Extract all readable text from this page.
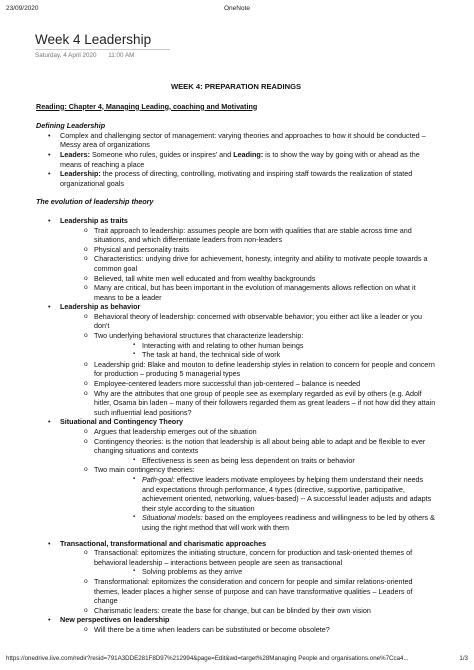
23/09/2020	OneNote
Week 4 Leadership
Saturday, 4 April 2020 11:00 AM

WEEK 4: PREPARATION READINGS

Reading: Chapter 4, Managing Leading, coaching and Motivating

Defining Leadership

• Complex and challenging sector of management: varying theories and approaches to how it should be conducted – Messy area of organizations
• Leaders: Someone who rules, guides or inspires' and Leading: is to show the way by going with or ahead as the means of reaching a place
• Leadership: the process of directing, controlling, motivating and inspiring staff towards the realization of stated organizational goals

The evolution of leadership theory

• Leadership as traits
o Trait approach to leadership: assumes people are born with qualities that are stable across time and situations, and which differentiate leaders from non-leaders
o Physical and personality traits
o Characteristics: undying drive for achievement, honesty, integrity and ability to motivate people towards a common goal
o Believed, tall white men well educated and from wealthy backgrounds
o Many are critical, but has been important in the evolution of managements allows reflection on what it means to be a leader
• Leadership as behavior
o Behavioral theory of leadership: concerned with observable behavior; you either act like a leader or you don't
o Two underlying behavioral structures that characterize leadership:
▪ Interacting with and relating to other human beings
▪ The task at hand, the technical side of work
o Leadership grid: Blake and mouton to define leadership styles in relation to concern for people and concern for production – producing 5 managerial types
o Employee-centered leaders more successful than job-centered – balance is needed
o Why are the attributes that one group of people see as exemplary regarded as evil by others (e.g. Adolf hitler, Osama bin laden – many of their followers regarded them as great leaders – if not how did they attain such influential lead positions?
• Situational and Contingency Theory
o Argues that leadership emerges out of the situation
o Contingency theories: is the notion that leadership is all about being able to adapt and be flexible to ever changing situations and contexts
▪ Effectiveness is seen as being less dependent on traits or behavior
o Two main contingency theories:
▪ Path-goal: effective leaders motivate employees by helping them understand their needs and expectations through performance, 4 types (directive, supportive, participative, achievement oriented, networking, values-based) -- A successful leader adjusts and adapts their style according to the situation
▪ Situational models: based on the employees readiness and willingness to be led by others & using the right method that will work with them
• Transactional, transformational and charismatic approaches
o Transactional: epitomizes the initiating structure, concern for production and task-oriented themes of behavioral leadership – interactions between people are seen as transactional
▪ Solving problems as they arrive
o Transformational: epitomizes the consideration and concern for people and similar relations-oriented themes, leader places a higher sense of purpose and can have transformative qualities – Leaders of change
o Charismatic leaders: create the base for change, but can be blinded by their own vision
• New perspectives on leadership
o Will there be a time when leaders can be substituted or become obsolete?
https://onedrive.live.com/redir?resid=791A3DDE281F8D97%212994&page=Edit&wd=target%28Managing People and organisations.one%7Cca4...	1/3
